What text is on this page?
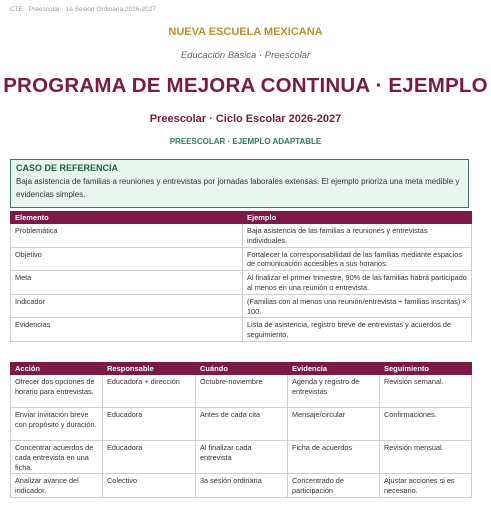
CTE · Preescolar · 1a Sesión Ordinaria 2026-2027
NUEVA ESCUELA MEXICANA
Educación Básica · Preescolar
PROGRAMA DE MEJORA CONTINUA · EJEMPLO
Preescolar · Ciclo Escolar 2026-2027
PREESCOLAR · EJEMPLO ADAPTABLE
CASO DE REFERENCIA
Baja asistencia de familias a reuniones y entrevistas por jornadas laborales extensas. El ejemplo prioriza una meta medible y evidencias simples.
Elemento	Ejemplo
Problemática	Baja asistencia de las familias a reuniones y entrevistas individuales.
Objetivo	Fortalecer la corresponsabilidad de las familias mediante espacios de comunicación accesibles a sus horarios.
Meta	Al finalizar el primer trimestre, 90% de las familias habrá participado al menos en una reunión o entrevista.
Indicador	(Familias con al menos una reunión/entrevista ÷ familias inscritas) × 100.
Evidencias	Lista de asistencia, registro breve de entrevistas y acuerdos de seguimiento.
Acción	Responsable	Cuándo	Evidencia	Seguimiento
Ofrecer dos opciones de horario para entrevistas.	Educadora + dirección	Octubre-noviembre	Agenda y registro de entrevistas	Revisión semanal.
Enviar invitación breve con propósito y duración.	Educadora	Antes de cada cita	Mensaje/circular	Confirmaciones.
Concentrar acuerdos de cada entrevista en una ficha.	Educadora	Al finalizar cada entrevista	Ficha de acuerdos	Revisión mensual.
Analizar avance del indicador.	Colectivo	3a sesión ordinaria	Concentrado de participación	Ajustar acciones si es necesario.
